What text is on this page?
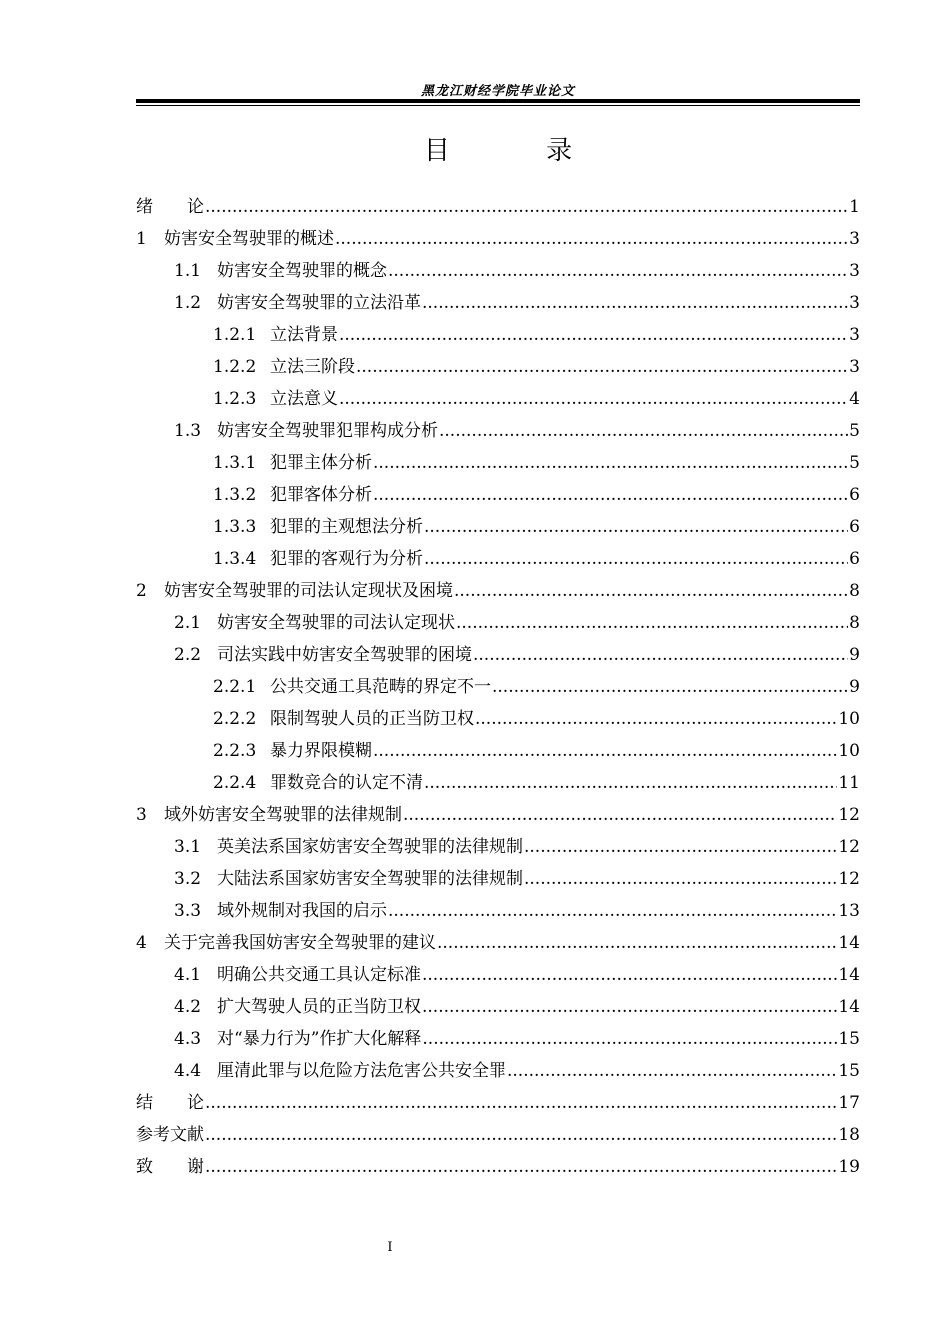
黑龙江财经学院毕业论文
目 录
绪　　论 .....	1
1	妨害安全驾驶罪的概述 .....	3
1.1 妨害安全驾驶罪的概念 .....	3
1.2 妨害安全驾驶罪的立法沿革 .....	3
1.2.1 立法背景 .....	3
1.2.2 立法三阶段 .....	3
1.2.3 立法意义 .....	4
1.3 妨害安全驾驶罪犯罪构成分析 .....	5
1.3.1 犯罪主体分析 .....	5
1.3.2 犯罪客体分析 .....	6
1.3.3 犯罪的主观想法分析 .....	6
1.3.4 犯罪的客观行为分析 .....	6
2	妨害安全驾驶罪的司法认定现状及困境 .....	8
2.1 妨害安全驾驶罪的司法认定现状 .....	8
2.2 司法实践中妨害安全驾驶罪的困境 .....	9
2.2.1 公共交通工具范畴的界定不一 .....	9
2.2.2 限制驾驶人员的正当防卫权 .....	10
2.2.3 暴力界限模糊 .....	10
2.2.4 罪数竞合的认定不清 .....	11
3	域外妨害安全驾驶罪的法律规制 .....	12
3.1 英美法系国家妨害安全驾驶罪的法律规制 .....	12
3.2 大陆法系国家妨害安全驾驶罪的法律规制 .....	12
3.3 域外规制对我国的启示 .....	13
4	关于完善我国妨害安全驾驶罪的建议 .....	14
4.1 明确公共交通工具认定标准 .....	14
4.2 扩大驾驶人员的正当防卫权 .....	14
4.3 对“暴力行为”作扩大化解释 .....	15
4.4 厘清此罪与以危险方法危害公共安全罪 .....	15
结　　论 .....	17
参考文献 .....	18
致　　谢 .....	19
I
